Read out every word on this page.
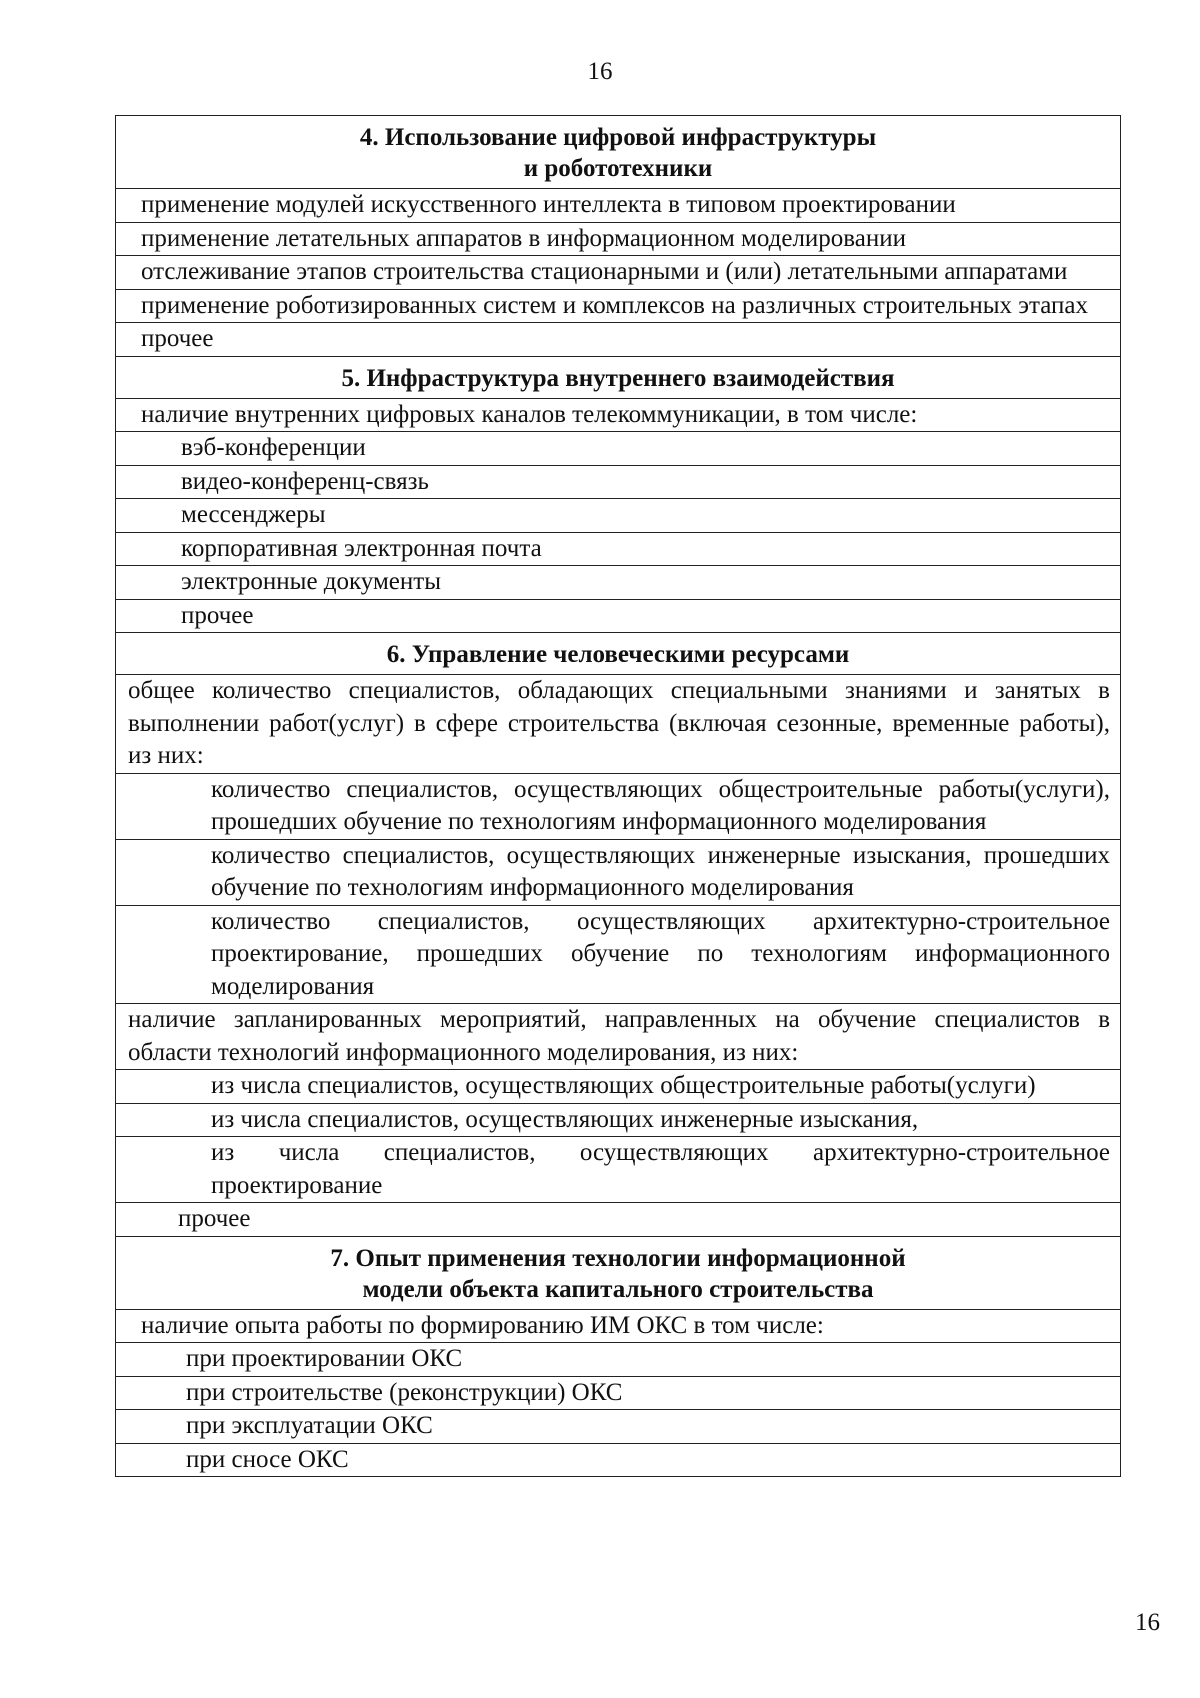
16
4. Использование цифровой инфраструктуры
и робототехники

применение модулей искусственного интеллекта в типовом проектировании
применение летательных аппаратов в информационном моделировании
отслеживание этапов строительства стационарными и (или) летательными аппаратами
применение роботизированных систем и комплексов на различных строительных этапах
прочее
5. Инфраструктура внутреннего взаимодействия
наличие внутренних цифровых каналов телекоммуникации, в том числе:
вэб-конференции
видео-конференц-связь
мессенджеры
корпоративная электронная почта
электронные документы
прочее
6. Управление человеческими ресурсами
общее количество специалистов, обладающих специальными знаниями и занятых в выполнении работ(услуг) в сфере строительства (включая сезонные, временные работы), из них:
количество специалистов, осуществляющих общестроительные работы(услуги), прошедших обучение по технологиям информационного моделирования
количество специалистов, осуществляющих инженерные изыскания, прошедших обучение по технологиям информационного моделирования
количество специалистов, осуществляющих архитектурно-строительное проектирование, прошедших обучение по технологиям информационного моделирования
наличие запланированных мероприятий, направленных на обучение специалистов в области технологий информационного моделирования, из них:
из числа специалистов, осуществляющих общестроительные работы(услуги)
из числа специалистов, осуществляющих инженерные изыскания,
из числа специалистов, осуществляющих архитектурно-строительное проектирование
прочее

7. Опыт применения технологии информационной
модели объекта капитального строительства

наличие опыта работы по формированию ИМ ОКС в том числе:
при проектировании ОКС
при строительстве (реконструкции) ОКС
при эксплуатации ОКС
при сносе ОКС
16
